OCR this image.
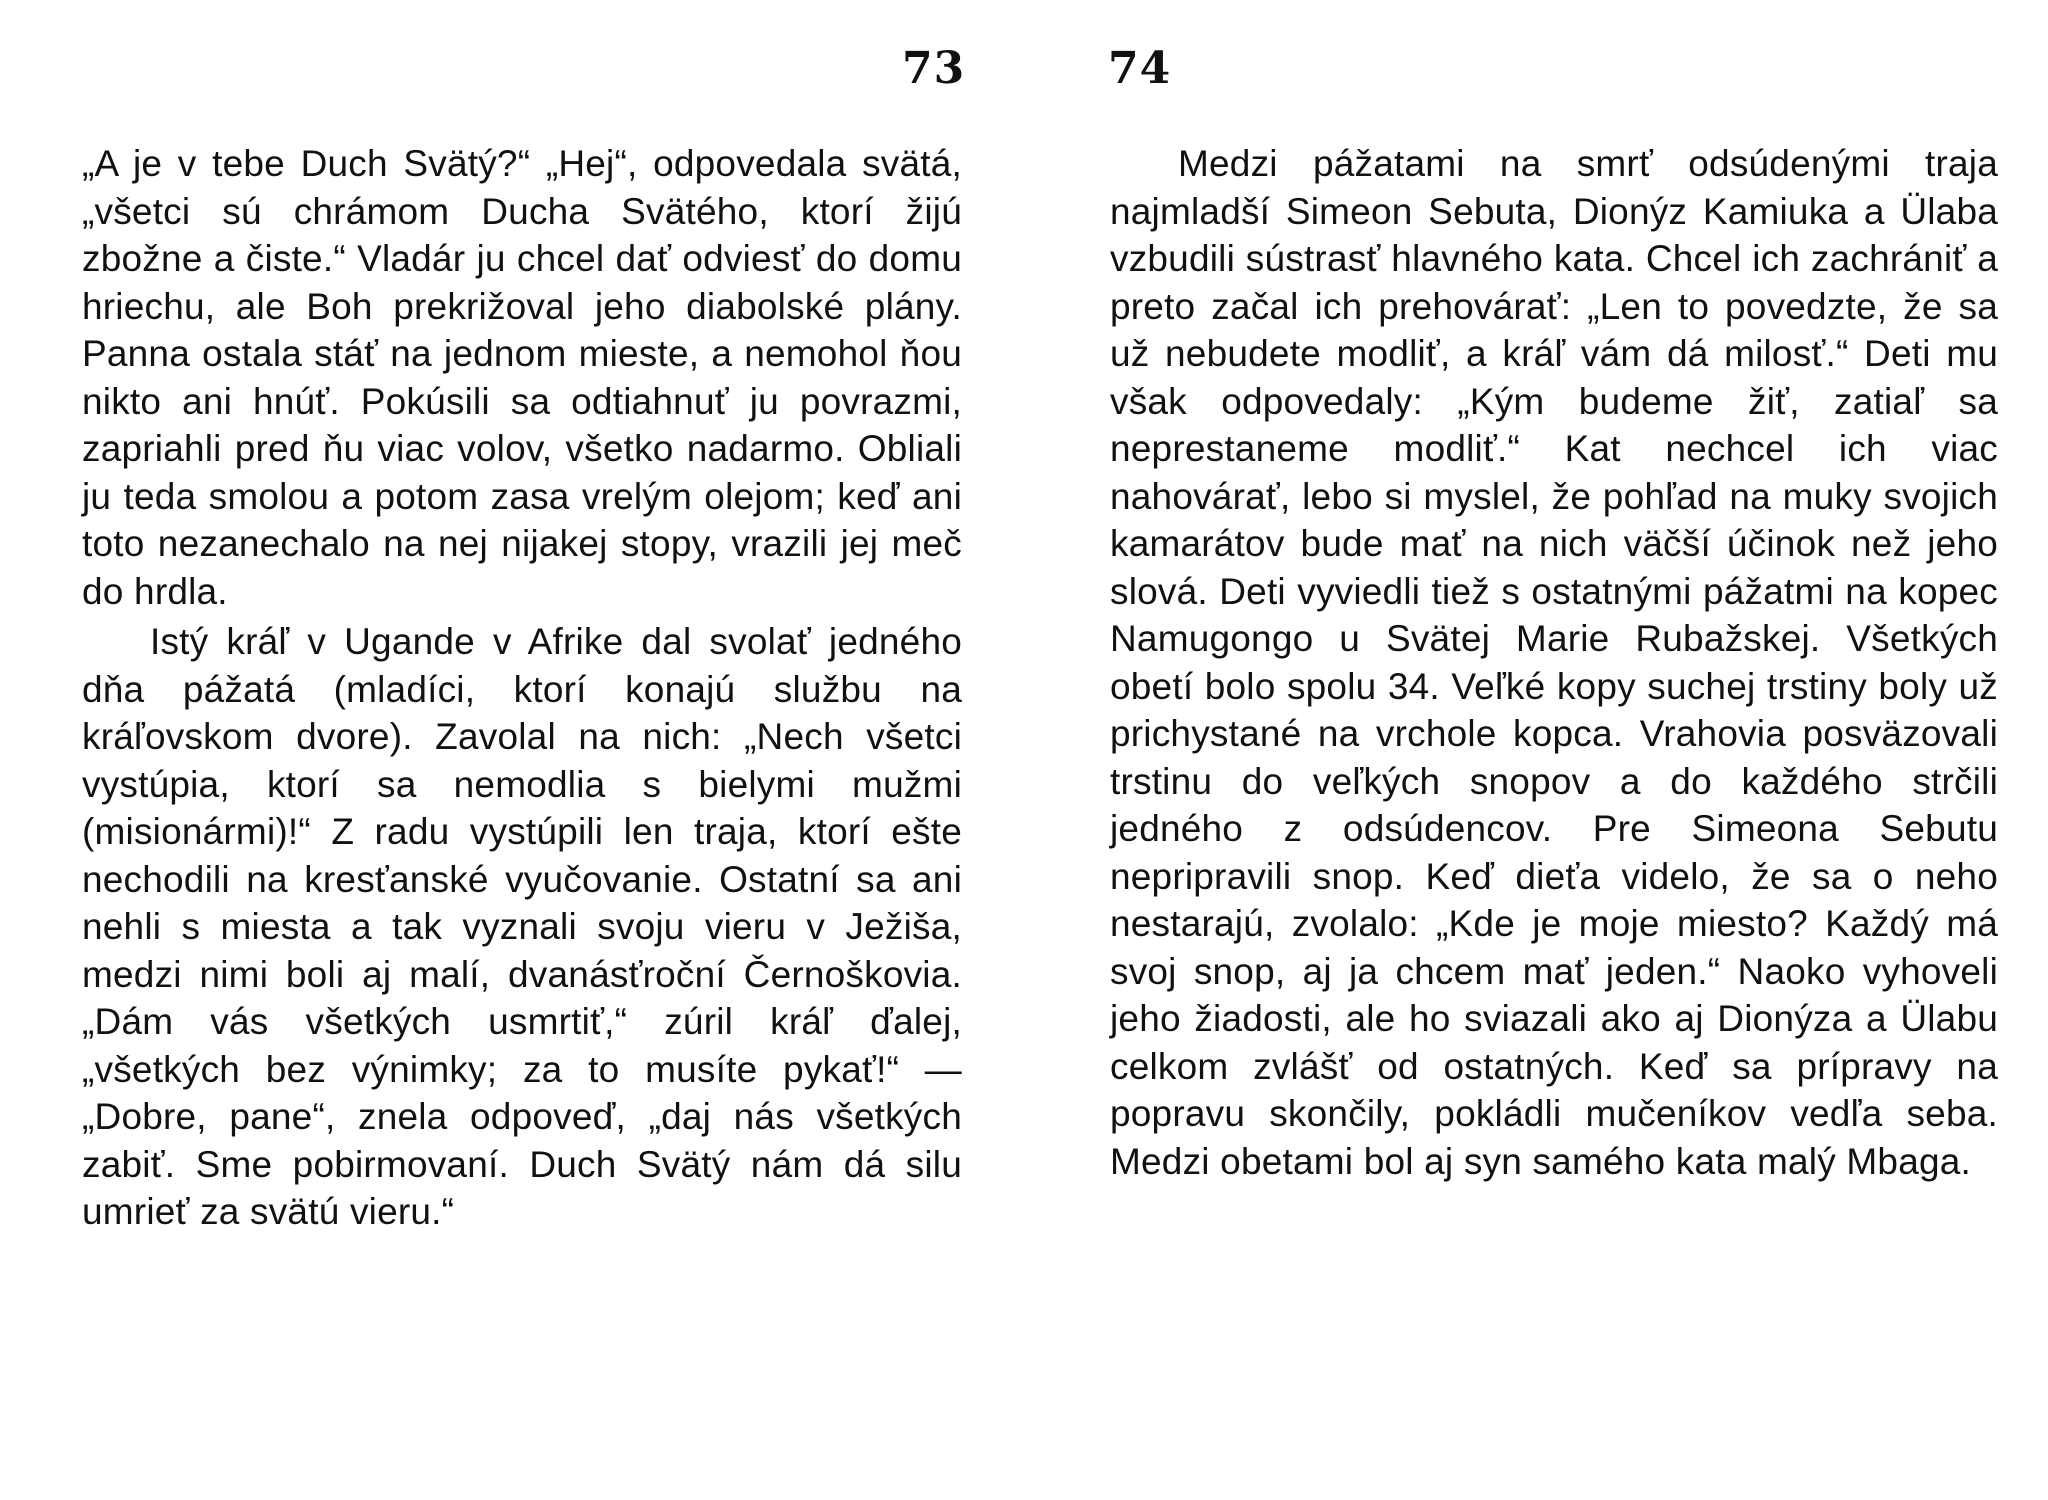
73	74

„A je v tebe Duch Svätý?“ „Hej“, odpovedala svätá, „všetci sú chrámom Ducha Svätého, ktorí žijú zbožne a čiste.“ Vladár ju chcel dať odviesť do domu hriechu, ale Boh prekrižoval jeho diabolské plány. Panna ostala stáť na jednom mieste, a nemohol ňou nikto ani hnúť. Pokúsili sa odtiahnuť ju povrazmi, zapriahli pred ňu viac volov, všetko nadarmo. Obliali ju teda smolou a potom zasa vrelým olejom; keď ani toto nezanechalo na nej nijakej stopy, vrazili jej meč do hrdla.

Istý kráľ v Ugande v Afrike dal svolať jedného dňa pážatá (mladíci, ktorí konajú službu na kráľovskom dvore). Zavolal na nich: „Nech všetci vystúpia, ktorí sa nemodlia s bielymi mužmi (misionármi)!“ Z radu vystúpili len traja, ktorí ešte nechodili na kresťanské vyučovanie. Ostatní sa ani nehli s miesta a tak vyznali svoju vieru v Ježiša, medzi nimi boli aj malí, dvanásťroční Černoškovia. „Dám vás všetkých usmrtiť,“ zúril kráľ ďalej, „všetkých bez výnimky; za to musíte pykať!“ — „Dobre, pane“, znela odpoveď, „daj nás všetkých zabiť. Sme pobirmovaní. Duch Svätý nám dá silu umrieť za svätú vieru.“

Medzi pážatami na smrť odsúdenými traja najmladší Simeon Sebuta, Dionýz Kamiuka a Ülaba vzbudili sústrasť hlavného kata. Chcel ich zachrániť a preto začal ich prehovárať: „Len to povedzte, že sa už nebudete modliť, a kráľ vám dá milosť.“ Deti mu však odpovedaly: „Kým budeme žiť, zatiaľ sa neprestaneme modliť.“ Kat nechcel ich viac nahovárať, lebo si myslel, že pohľad na muky svojich kamarátov bude mať na nich väčší účinok než jeho slová. Deti vyviedli tiež s ostatnými pážatmi na kopec Namugongo u Svätej Marie Rubažskej. Všetkých obetí bolo spolu 34. Veľké kopy suchej trstiny boly už prichystané na vrchole kopca. Vrahovia posväzovali trstinu do veľkých snopov a do každého strčili jedného z odsúdencov. Pre Simeona Sebutu nepripravili snop. Keď dieťa videlo, že sa o neho nestarajú, zvolalo: „Kde je moje miesto? Každý má svoj snop, aj ja chcem mať jeden.“ Naoko vyhoveli jeho žiadosti, ale ho sviazali ako aj Dionýza a Ülabu celkom zvlášť od ostatných. Keď sa prípravy na popravu skončily, pokládli mučeníkov vedľa seba. Medzi obetami bol aj syn samého kata malý Mbaga.
